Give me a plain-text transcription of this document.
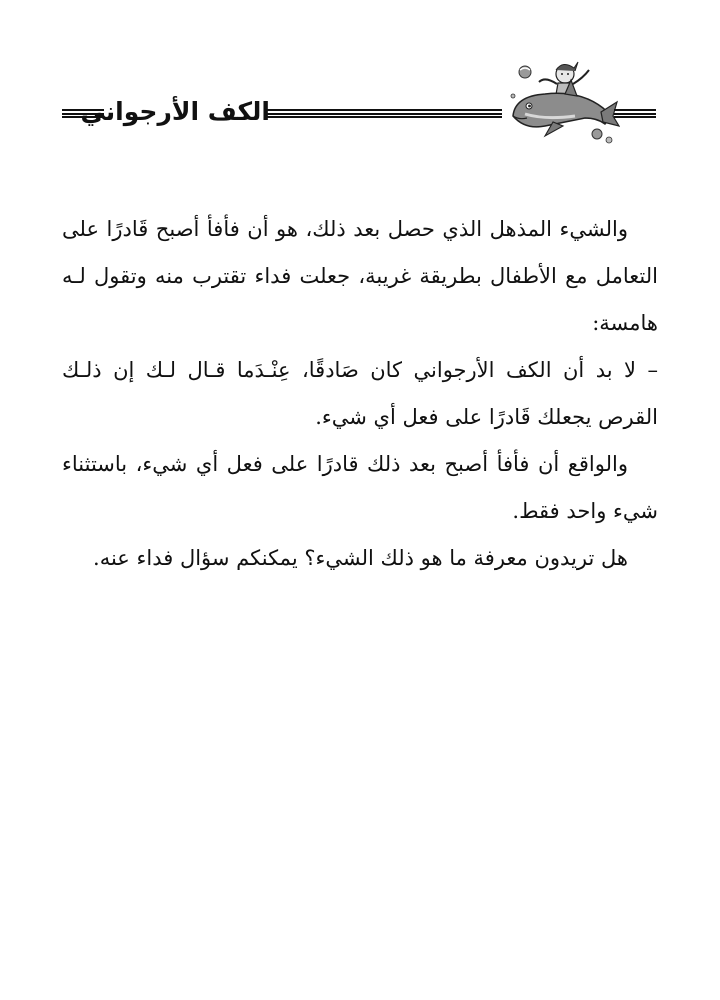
الكف الأرجواني

والشيء المذهل الذي حصل بعد ذلك، هو أن فأفأ أصبح قَادرًا على التعامل مع الأطفال بطريقة غريبة، جعلت فداء تقترب منه وتقول لـه هامسة:

– لا بد أن الكف الأرجواني كان صَادقًا، عِنْـدَما قـال لـك إن ذلـك القرص يجعلك قَادرًا على فعل أي شيء.

والواقع أن فأفأ أصبح بعد ذلك قادرًا على فعل أي شيء، باستثناء شيء واحد فقط.

هل تريدون معرفة ما هو ذلك الشيء؟ يمكنكم سؤال فداء عنه.
